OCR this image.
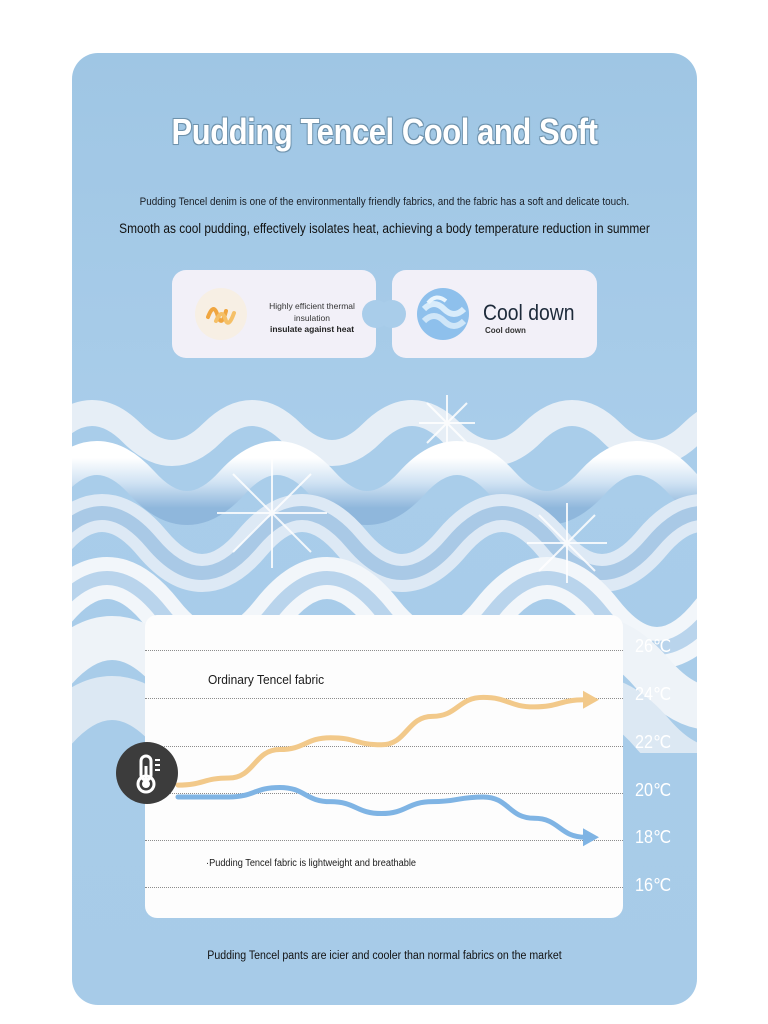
Pudding Tencel Cool and Soft
Pudding Tencel denim is one of the environmentally friendly fabrics, and the fabric has a soft and delicate touch.
Smooth as cool pudding, effectively isolates heat, achieving a body temperature reduction in summer
Highly efficient thermal insulation
insulate against heat
Cool down
Cool down
26℃
24℃
22℃
20℃
18℃
16℃
Ordinary Tencel fabric
·Pudding Tencel fabric is lightweight and breathable
Pudding Tencel pants are icier and cooler than normal fabrics on the market
